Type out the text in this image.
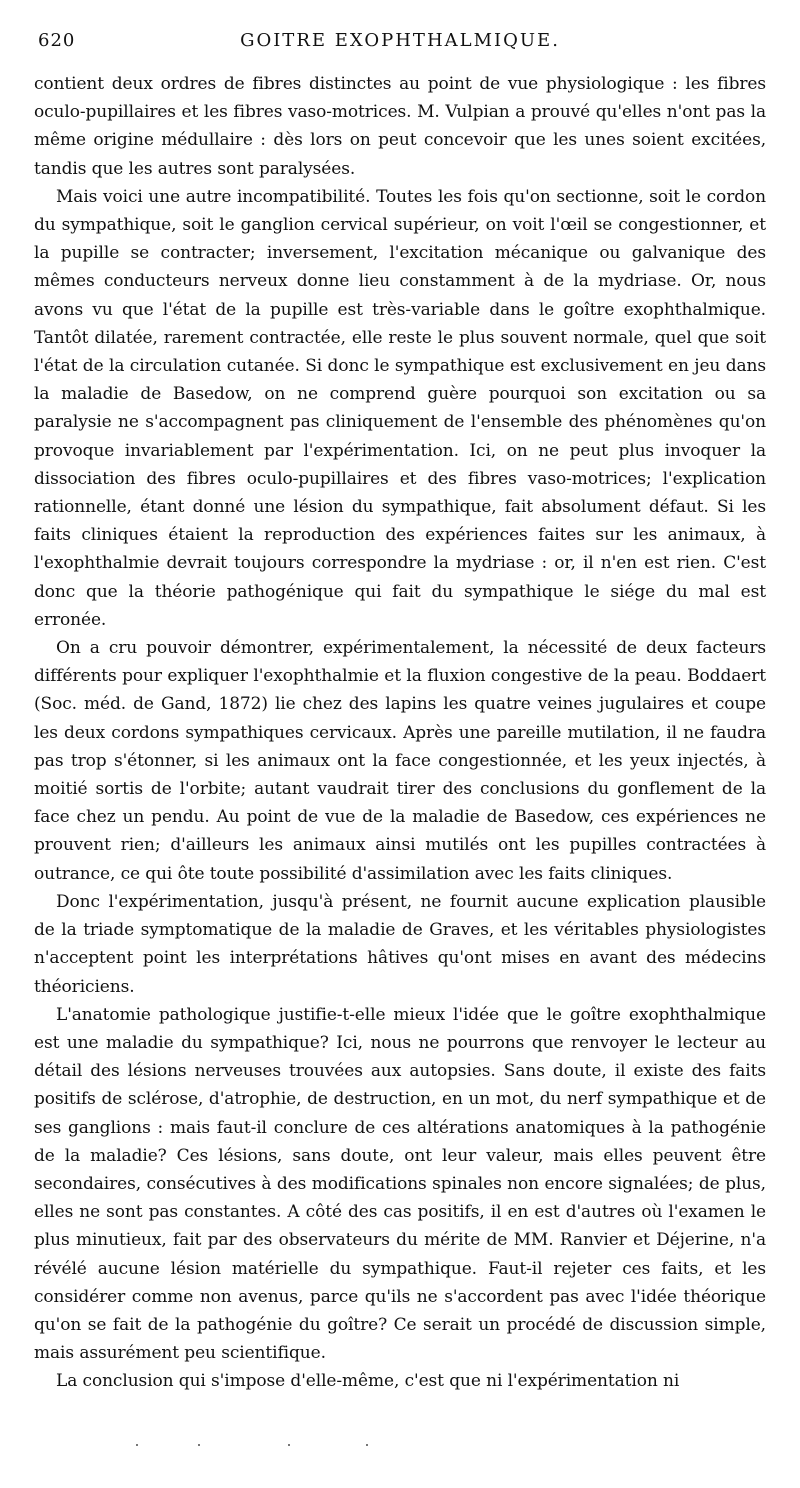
620	GOITRE EXOPHTHALMIQUE.

contient deux ordres de fibres distinctes au point de vue physiologique : les fibres oculo-pupillaires et les fibres vaso-motrices. M. Vulpian a prouvé qu'elles n'ont pas la même origine médullaire : dès lors on peut concevoir que les unes soient excitées, tandis que les autres sont paralysées.

Mais voici une autre incompatibilité. Toutes les fois qu'on sectionne, soit le cordon du sympathique, soit le ganglion cervical supérieur, on voit l'œil se congestionner, et la pupille se contracter; inversement, l'excitation mécanique ou galvanique des mêmes conducteurs nerveux donne lieu constamment à de la mydriase. Or, nous avons vu que l'état de la pupille est très-variable dans le goître exophthalmique. Tantôt dilatée, rarement contractée, elle reste le plus souvent normale, quel que soit l'état de la circulation cutanée. Si donc le sympathique est exclusivement en jeu dans la maladie de Basedow, on ne comprend guère pourquoi son excitation ou sa paralysie ne s'accompagnent pas cliniquement de l'ensemble des phénomènes qu'on provoque invariablement par l'expérimentation. Ici, on ne peut plus invoquer la dissociation des fibres oculo-pupillaires et des fibres vaso-motrices; l'explication rationnelle, étant donné une lésion du sympathique, fait absolument défaut. Si les faits cliniques étaient la reproduction des expériences faites sur les animaux, à l'exophthalmie devrait toujours correspondre la mydriase : or, il n'en est rien. C'est donc que la théorie pathogénique qui fait du sympathique le siége du mal est erronée.

On a cru pouvoir démontrer, expérimentalement, la nécessité de deux facteurs différents pour expliquer l'exophthalmie et la fluxion congestive de la peau. Boddaert (Soc. méd. de Gand, 1872) lie chez des lapins les quatre veines jugulaires et coupe les deux cordons sympathiques cervicaux. Après une pareille mutilation, il ne faudra pas trop s'étonner, si les animaux ont la face congestionnée, et les yeux injectés, à moitié sortis de l'orbite; autant vaudrait tirer des conclusions du gonflement de la face chez un pendu. Au point de vue de la maladie de Basedow, ces expériences ne prouvent rien; d'ailleurs les animaux ainsi mutilés ont les pupilles contractées à outrance, ce qui ôte toute possibilité d'assimilation avec les faits cliniques.

Donc l'expérimentation, jusqu'à présent, ne fournit aucune explication plausible de la triade symptomatique de la maladie de Graves, et les véritables physiologistes n'acceptent point les interprétations hâtives qu'ont mises en avant des médecins théoriciens.

L'anatomie pathologique justifie-t-elle mieux l'idée que le goître exophthalmique est une maladie du sympathique? Ici, nous ne pourrons que renvoyer le lecteur au détail des lésions nerveuses trouvées aux autopsies. Sans doute, il existe des faits positifs de sclérose, d'atrophie, de destruction, en un mot, du nerf sympathique et de ses ganglions : mais faut-il conclure de ces altérations anatomiques à la pathogénie de la maladie? Ces lésions, sans doute, ont leur valeur, mais elles peuvent être secondaires, consécutives à des modifications spinales non encore signalées; de plus, elles ne sont pas constantes. A côté des cas positifs, il en est d'autres où l'examen le plus minutieux, fait par des observateurs du mérite de MM. Ranvier et Déjerine, n'a révélé aucune lésion matérielle du sympathique. Faut-il rejeter ces faits, et les considérer comme non avenus, parce qu'ils ne s'accordent pas avec l'idée théorique qu'on se fait de la pathogénie du goître? Ce serait un procédé de discussion simple, mais assurément peu scientifique.

La conclusion qui s'impose d'elle-même, c'est que ni l'expérimentation ni
